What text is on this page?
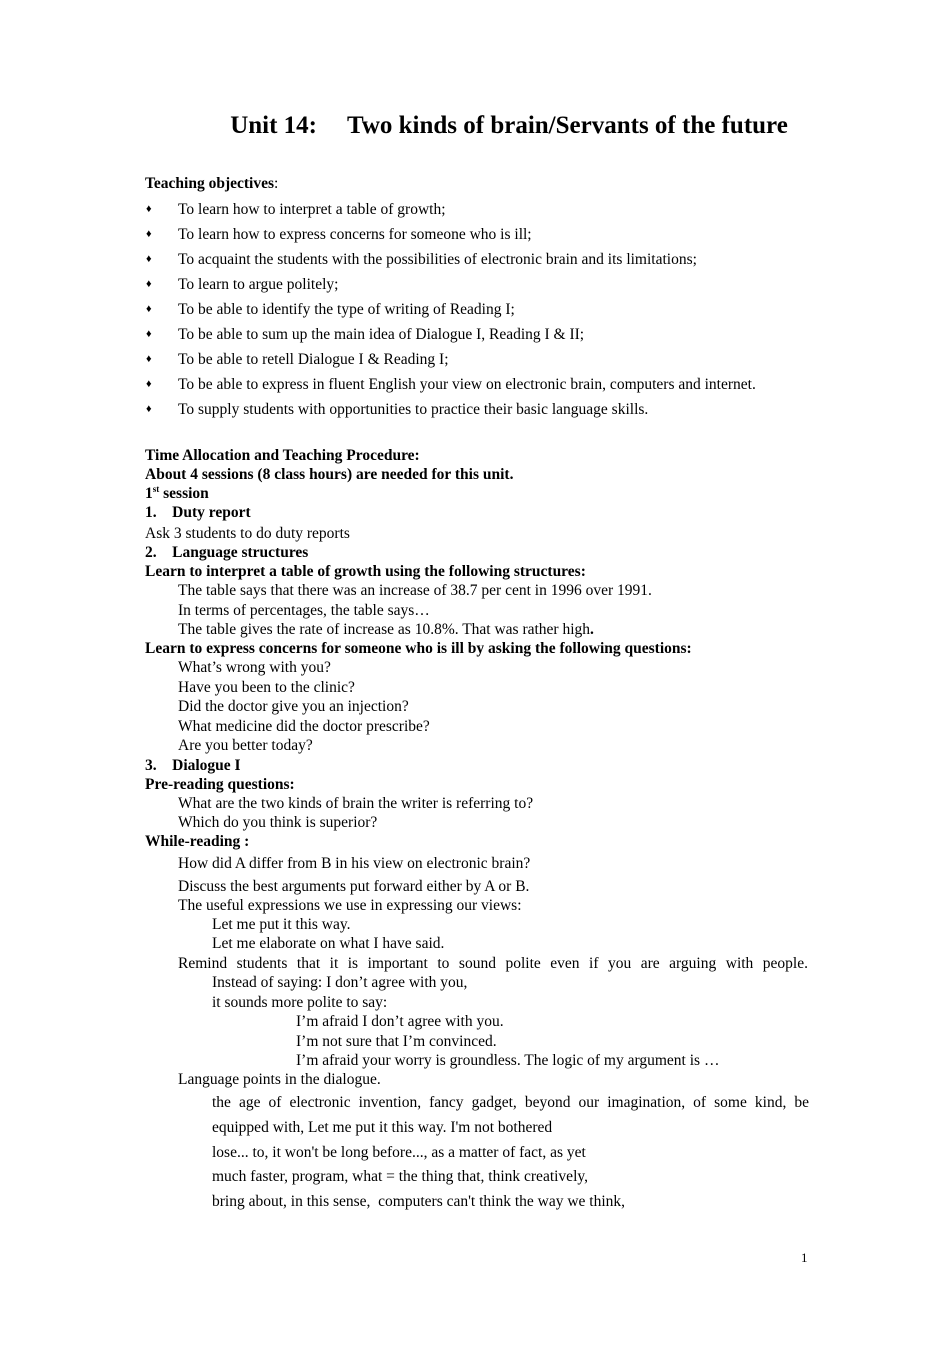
Unit 14: Two kinds of brain/Servants of the future
Teaching objectives:
♦ To learn how to interpret a table of growth;
♦ To learn how to express concerns for someone who is ill;
♦ To acquaint the students with the possibilities of electronic brain and its limitations;
♦ To learn to argue politely;
♦ To be able to identify the type of writing of Reading I;
♦ To be able to sum up the main idea of Dialogue I, Reading I & II;
♦ To be able to retell Dialogue I & Reading I;
♦ To be able to express in fluent English your view on electronic brain, computers and internet.
♦ To supply students with opportunities to practice their basic language skills.
Time Allocation and Teaching Procedure:
About 4 sessions (8 class hours) are needed for this unit.
1st session
1.    Duty report
Ask 3 students to do duty reports
2.    Language structures
Learn to interpret a table of growth using the following structures:
The table says that there was an increase of 38.7 per cent in 1996 over 1991.
In terms of percentages, the table says…
The table gives the rate of increase as 10.8%. That was rather high.
Learn to express concerns for someone who is ill by asking the following questions:
What’s wrong with you?
Have you been to the clinic?
Did the doctor give you an injection?
What medicine did the doctor prescribe?
Are you better today?
3.    Dialogue I
Pre-reading questions:
What are the two kinds of brain the writer is referring to?
Which do you think is superior?
While-reading :
How did A differ from B in his view on electronic brain?
Discuss the best arguments put forward either by A or B.
The useful expressions we use in expressing our views:
Let me put it this way.
Let me elaborate on what I have said.
Remind students that it is important to sound polite even if you are arguing with people.
Instead of saying: I don’t agree with you,
it sounds more polite to say:
I’m afraid I don’t agree with you.
I’m not sure that I’m convinced.
I’m afraid your worry is groundless. The logic of my argument is …
Language points in the dialogue.
the age of electronic invention, fancy gadget, beyond our imagination, of some kind, be
equipped with, Let me put it this way. I'm not bothered
lose... to, it won't be long before..., as a matter of fact, as yet
much faster, program, what = the thing that, think creatively,
bring about, in this sense,  computers can't think the way we think,
1
